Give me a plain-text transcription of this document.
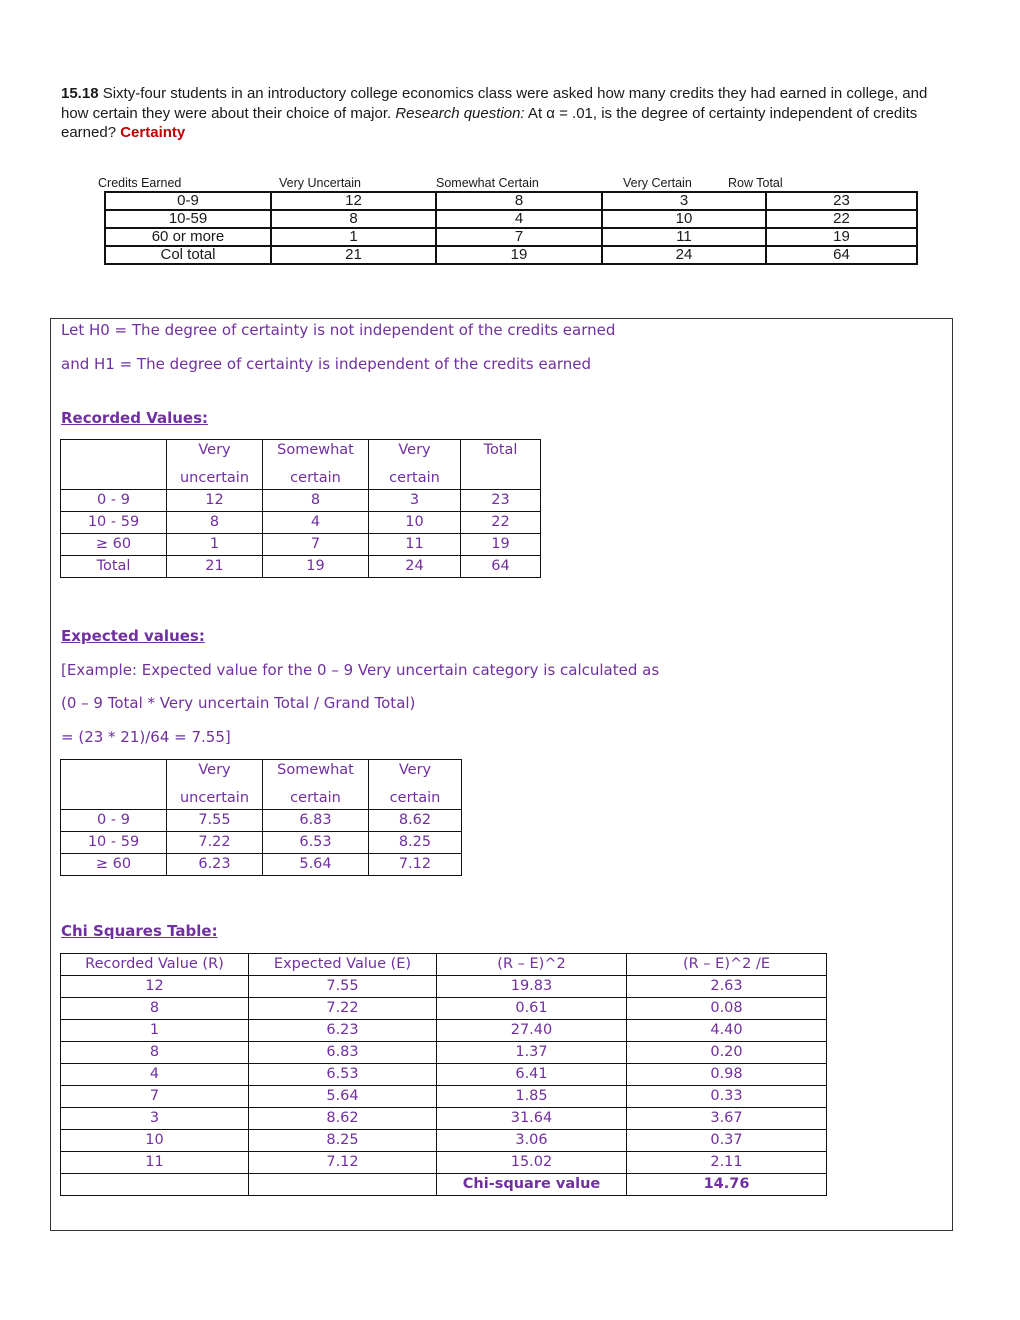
15.18 Sixty-four students in an introductory college economics class were asked how many credits they had earned in college, and how certain they were about their choice of major. Research question: At α = .01, is the degree of certainty independent of credits earned? Certainty
Credits Earned	Very Uncertain	Somewhat Certain	Very Certain	Row Total
0-9	12	8	3	23
10-59	8	4	10	22
60 or more	1	7	11	19
Col total	21	19	24	64
Let H0 = The degree of certainty is not independent of the credits earned
and H1 = The degree of certainty is independent of the credits earned
Recorded Values:
	Very	Somewhat	Very	Total
	uncertain	certain	certain	
0 - 9	12	8	3	23
10 - 59	8	4	10	22
≥ 60	1	7	11	19
Total	21	19	24	64
Expected values:
[Example: Expected value for the 0 – 9 Very uncertain category is calculated as
(0 – 9 Total * Very uncertain Total / Grand Total)
= (23 * 21)/64 = 7.55]
	Very	Somewhat	Very
	uncertain	certain	certain
0 - 9	7.55	6.83	8.62
10 - 59	7.22	6.53	8.25
≥ 60	6.23	5.64	7.12
Chi Squares Table:
Recorded Value (R)	Expected Value (E)	(R – E)^2	(R – E)^2 /E
12	7.55	19.83	2.63
8	7.22	0.61	0.08
1	6.23	27.40	4.40
8	6.83	1.37	0.20
4	6.53	6.41	0.98
7	5.64	1.85	0.33
3	8.62	31.64	3.67
10	8.25	3.06	0.37
11	7.12	15.02	2.11
		Chi-square value	14.76
